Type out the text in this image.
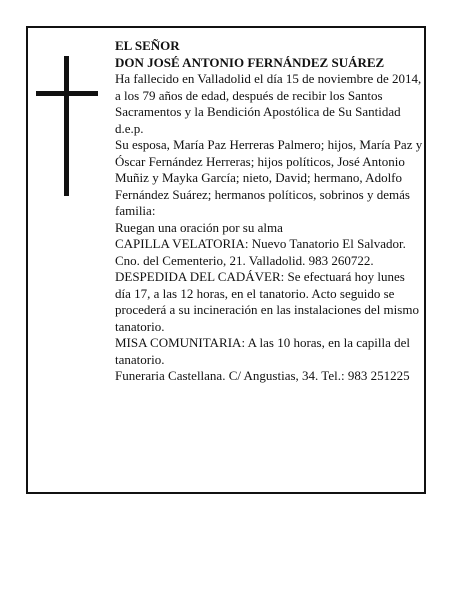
EL SEÑOR

DON JOSÉ ANTONIO FERNÁNDEZ SUÁREZ

Ha fallecido en Valladolid el día 15 de noviembre de 2014, a los 79 años de edad, después de recibir los Santos Sacramentos y la Bendición Apostólica de Su Santidad

d.e.p.

Su esposa, María Paz Herreras Palmero; hijos, María Paz y Óscar Fernández Herreras; hijos políticos, José Antonio Muñiz y Mayka García; nieto, David; hermano, Adolfo Fernández Suárez; hermanos políticos, sobrinos y demás familia:

Ruegan una oración por su alma

CAPILLA VELATORIA: Nuevo Tanatorio El Salvador. Cno. del Cementerio, 21. Valladolid. 983 260722.

DESPEDIDA DEL CADÁVER: Se efectuará hoy lunes día 17, a las 12 horas, en el tanatorio. Acto seguido se procederá a su incineración en las instalaciones del mismo tanatorio.

MISA COMUNITARIA: A las 10 horas, en la capilla del tanatorio.

Funeraria Castellana. C/ Angustias, 34. Tel.: 983 251225
